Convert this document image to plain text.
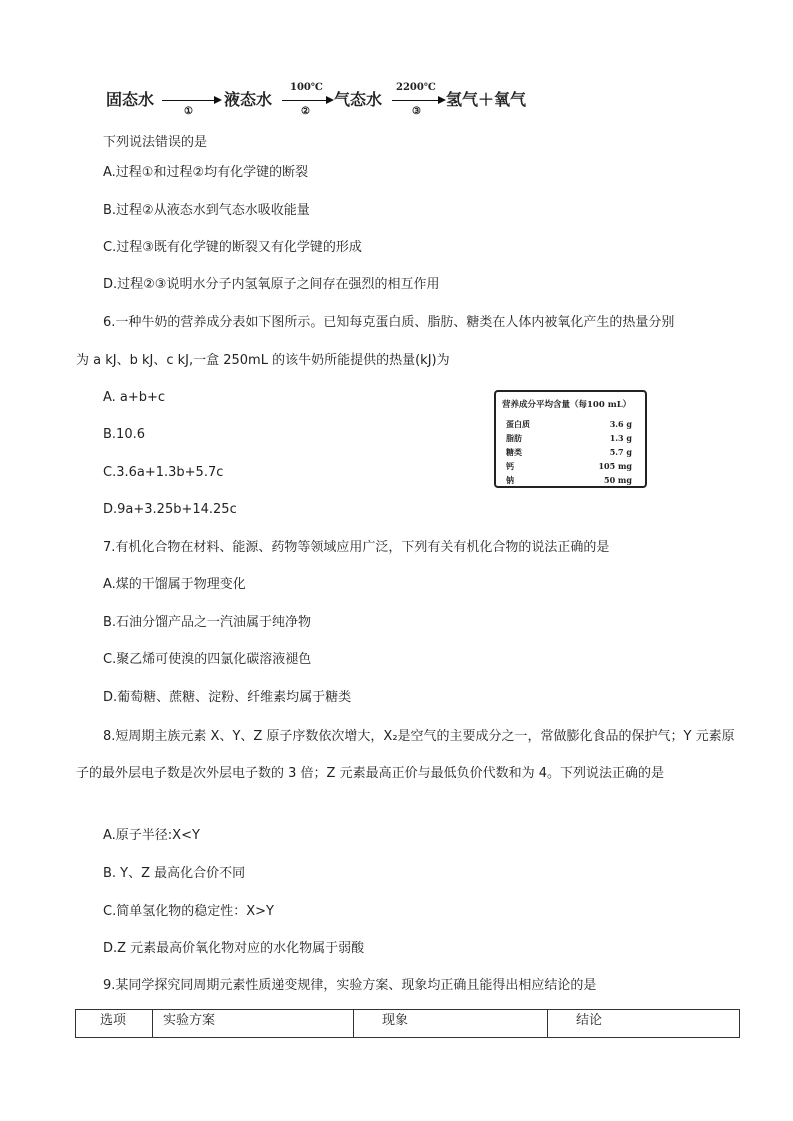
固态水
①
液态水
100℃
②
气态水
2200℃
③
氢气＋氧气
下列说法错误的是
A.过程①和过程②均有化学键的断裂
B.过程②从液态水到气态水吸收能量
C.过程③既有化学键的断裂又有化学键的形成
D.过程②③说明水分子内氢氧原子之间存在强烈的相互作用
6.一种牛奶的营养成分表如下图所示。已知每克蛋白质、脂肪、糖类在人体内被氧化产生的热量分别
为 a kJ、b kJ、c kJ,一盒 250mL 的该牛奶所能提供的热量(kJ)为
A. a+b+c
B.10.6
C.3.6a+1.3b+5.7c
D.9a+3.25b+14.25c
营养成分平均含量（每100 mL）
蛋白质	3.6 g
脂肪	1.3 g
糖类	5.7 g
钙	105 mg
钠	50 mg
7.有机化合物在材料、能源、药物等领域应用广泛，下列有关有机化合物的说法正确的是
A.煤的干馏属于物理变化
B.石油分馏产品之一汽油属于纯净物
C.聚乙烯可使溴的四氯化碳溶液褪色
D.葡萄糖、蔗糖、淀粉、纤维素均属于糖类
8.短周期主族元素 X、Y、Z 原子序数依次增大，X₂是空气的主要成分之一，常做膨化食品的保护气；Y 元素原子的最外层电子数是次外层电子数的 3 倍；Z 元素最高正价与最低负价代数和为 4。下列说法正确的是
A.原子半径:X<Y
B. Y、Z 最高化合价不同
C.简单氢化物的稳定性：X>Y
D.Z 元素最高价氧化物对应的水化物属于弱酸
9.某同学探究同周期元素性质递变规律，实验方案、现象均正确且能得出相应结论的是
选项	实验方案	现象	结论
